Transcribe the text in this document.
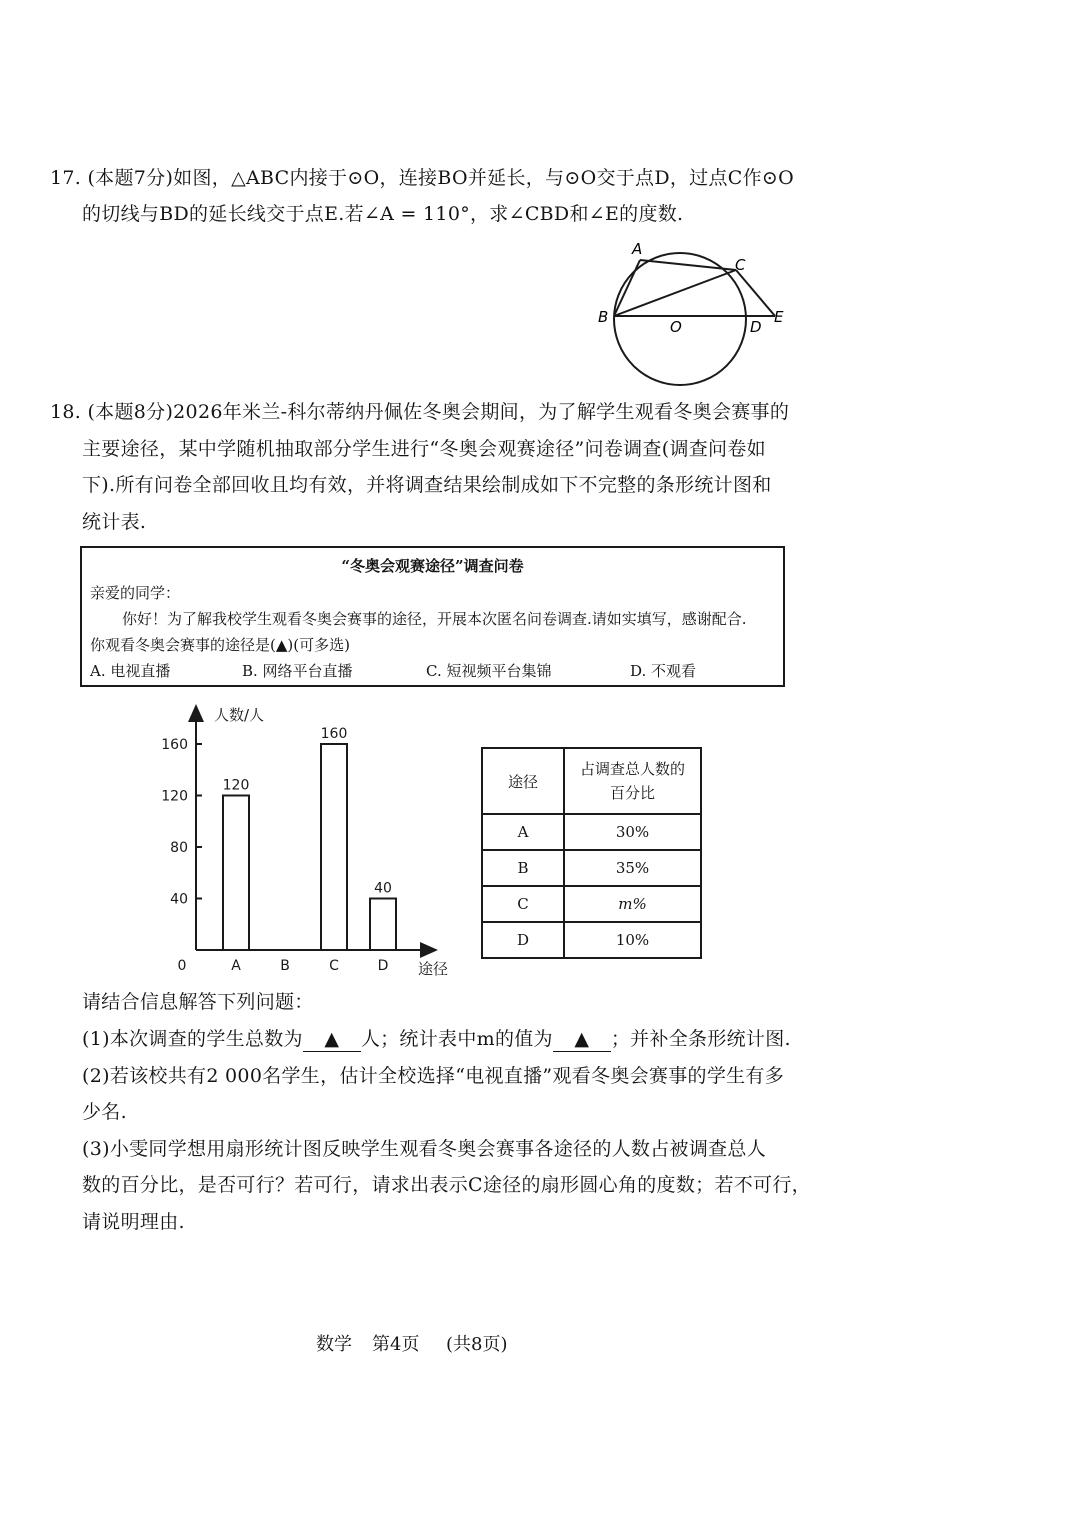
17. (本题7分)如图，△ABC内接于⊙O，连接BO并延长，与⊙O交于点D，过点C作⊙O
的切线与BD的延长线交于点E.若∠A = 110°，求∠CBD和∠E的度数.
A
C
B
O	D
E
18. (本题8分)2026年米兰-科尔蒂纳丹佩佐冬奥会期间，为了解学生观看冬奥会赛事的
主要途径，某中学随机抽取部分学生进行“冬奥会观赛途径”问卷调查(调查问卷如
下).所有问卷全部回收且均有效，并将调查结果绘制成如下不完整的条形统计图和
统计表.
“冬奥会观赛途径”调查问卷
亲爱的同学：
你好！为了解我校学生观看冬奥会赛事的途径，开展本次匿名问卷调查.请如实填写，感谢配合.
你观看冬奥会赛事的途径是(▲)(可多选)
A. 电视直播	B. 网络平台直播	C. 短视频平台集锦	D. 不观看
40
80
120
160
0
人数/人
途径
A
120
B	C
160
D
40
途径	占调查总人数的
百分比
A	30%
B	35%
C	m%
D	10%
请结合信息解答下列问题：
(1)本次调查的学生总数为 ▲ 人；统计表中m的值为 ▲ ；并补全条形统计图.
(2)若该校共有2 000名学生，估计全校选择“电视直播”观看冬奥会赛事的学生有多
少名.
(3)小雯同学想用扇形统计图反映学生观看冬奥会赛事各途径的人数占被调查总人
数的百分比，是否可行？若可行，请求出表示C途径的扇形圆心角的度数；若不可行，
请说明理由.
数学 第4页 (共8页)
